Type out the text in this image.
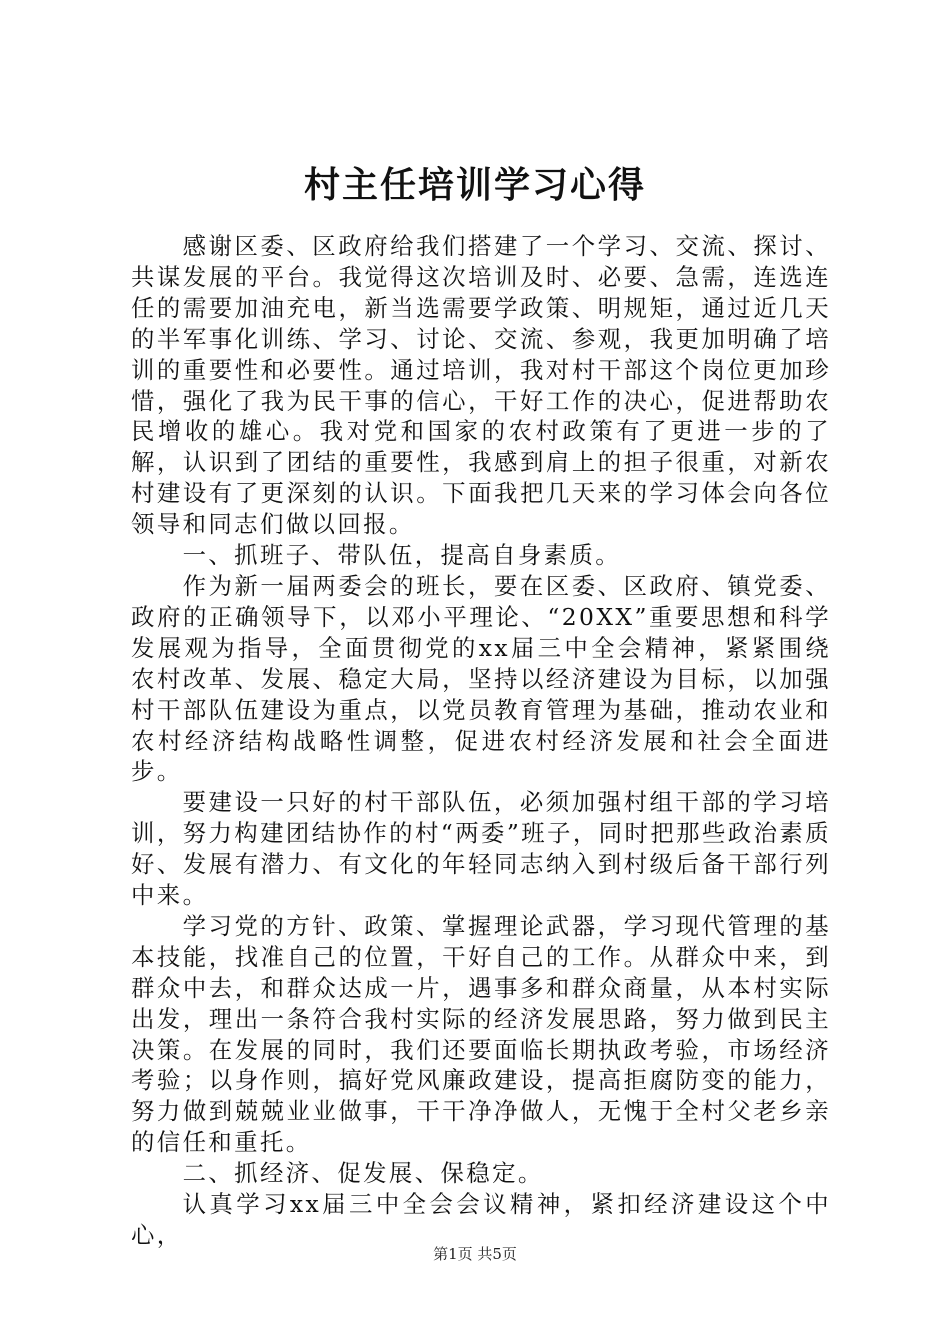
村主任培训学习心得

感谢区委、区政府给我们搭建了一个学习、交流、探讨、共谋发展的平台。我觉得这次培训及时、必要、急需，连选连任的需要加油充电，新当选需要学政策、明规矩，通过近几天的半军事化训练、学习、讨论、交流、参观，我更加明确了培训的重要性和必要性。通过培训，我对村干部这个岗位更加珍惜，强化了我为民干事的信心，干好工作的决心，促进帮助农民增收的雄心。我对党和国家的农村政策有了更进一步的了解，认识到了团结的重要性，我感到肩上的担子很重，对新农村建设有了更深刻的认识。下面我把几天来的学习体会向各位领导和同志们做以回报。

一、抓班子、带队伍，提高自身素质。

作为新一届两委会的班长，要在区委、区政府、镇党委、政府的正确领导下，以邓小平理论、“20XX”重要思想和科学发展观为指导，全面贯彻党的xx届三中全会精神，紧紧围绕农村改革、发展、稳定大局，坚持以经济建设为目标，以加强村干部队伍建设为重点，以党员教育管理为基础，推动农业和农村经济结构战略性调整，促进农村经济发展和社会全面进步。

要建设一只好的村干部队伍，必须加强村组干部的学习培训，努力构建团结协作的村“两委”班子，同时把那些政治素质好、发展有潜力、有文化的年轻同志纳入到村级后备干部行列中来。

学习党的方针、政策、掌握理论武器，学习现代管理的基本技能，找准自己的位置，干好自己的工作。从群众中来，到群众中去，和群众达成一片，遇事多和群众商量，从本村实际出发，理出一条符合我村实际的经济发展思路，努力做到民主决策。在发展的同时，我们还要面临长期执政考验，市场经济考验；以身作则，搞好党风廉政建设，提高拒腐防变的能力，努力做到兢兢业业做事，干干净净做人，无愧于全村父老乡亲的信任和重托。

二、抓经济、促发展、保稳定。

认真学习xx届三中全会会议精神，紧扣经济建设这个中心，

第1页 共5页
